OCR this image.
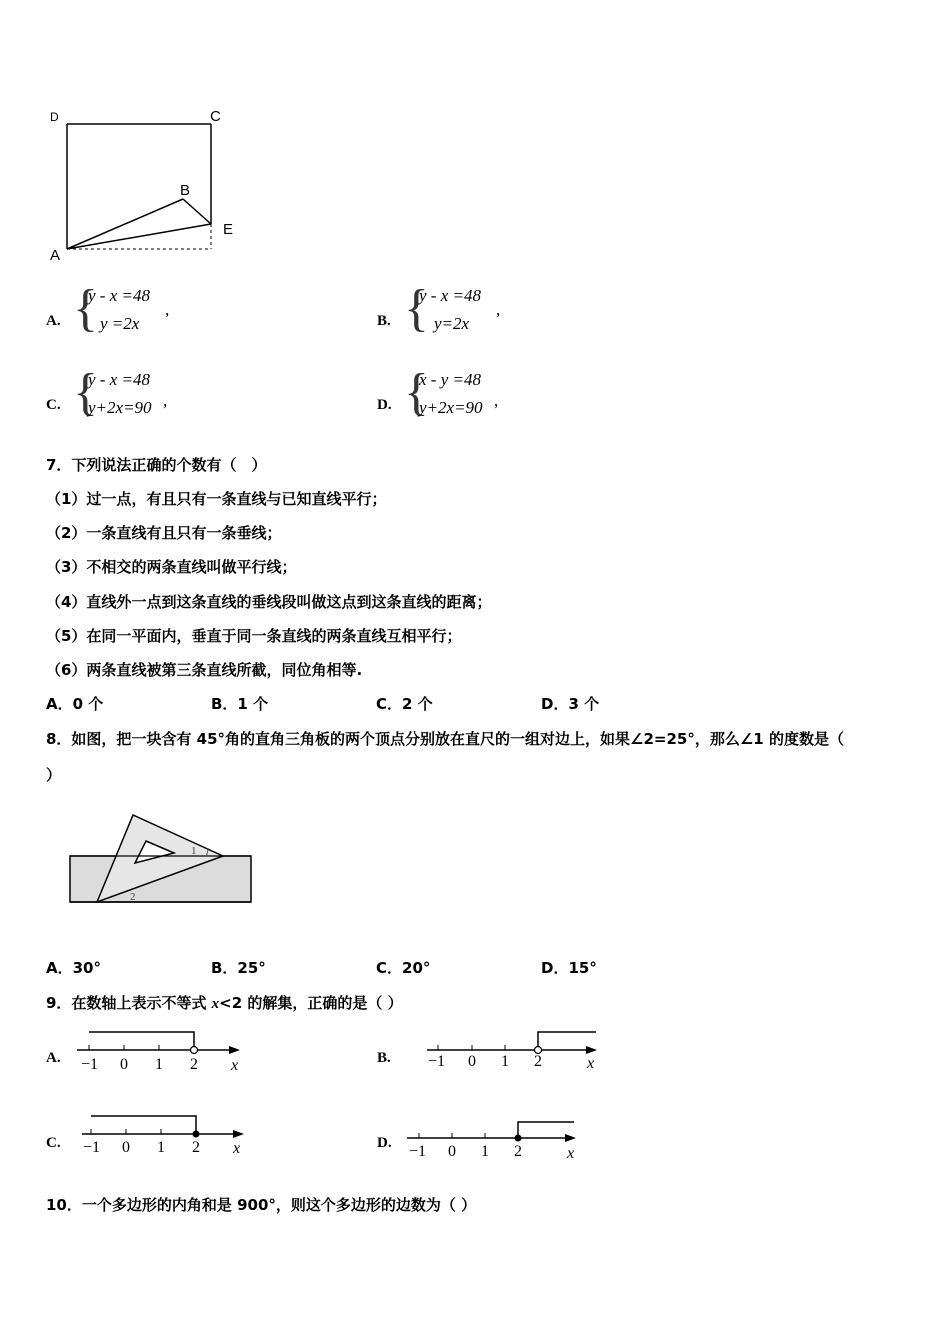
D	C
B
E
A
A. {
y - x =48
y =2x
,
B. {
y - x =48
y=2x
,
C. {
y - x =48
y+2x=90 ,	D. {
x - y =48
y+2x=90 ,
7．下列说法正确的个数有（　）
（1）过一点，有且只有一条直线与已知直线平行；
（2）一条直线有且只有一条垂线；
（3）不相交的两条直线叫做平行线；
（4）直线外一点到这条直线的垂线段叫做这点到这条直线的距离；
（5）在同一平面内，垂直于同一条直线的两条直线互相平行；
（6）两条直线被第三条直线所截，同位角相等.
A．0 个	B．1 个	C．2 个	D．3 个
8．如图，把一块含有 45°角的直角三角板的两个顶点分别放在直尺的一组对边上，如果∠2=25°，那么∠1 的度数是（
）
1
2
A．30°	B．25°	C．20°	D．15°
9．在数轴上表示不等式 x<2 的解集，正确的是（ ）
A. −1 0 1 2 x	B. −1 0 1 2	x
C. −1 0 1 2 x	D. −1 0 1 2	x
10．一个多边形的内角和是 900°，则这个多边形的边数为（ ）
